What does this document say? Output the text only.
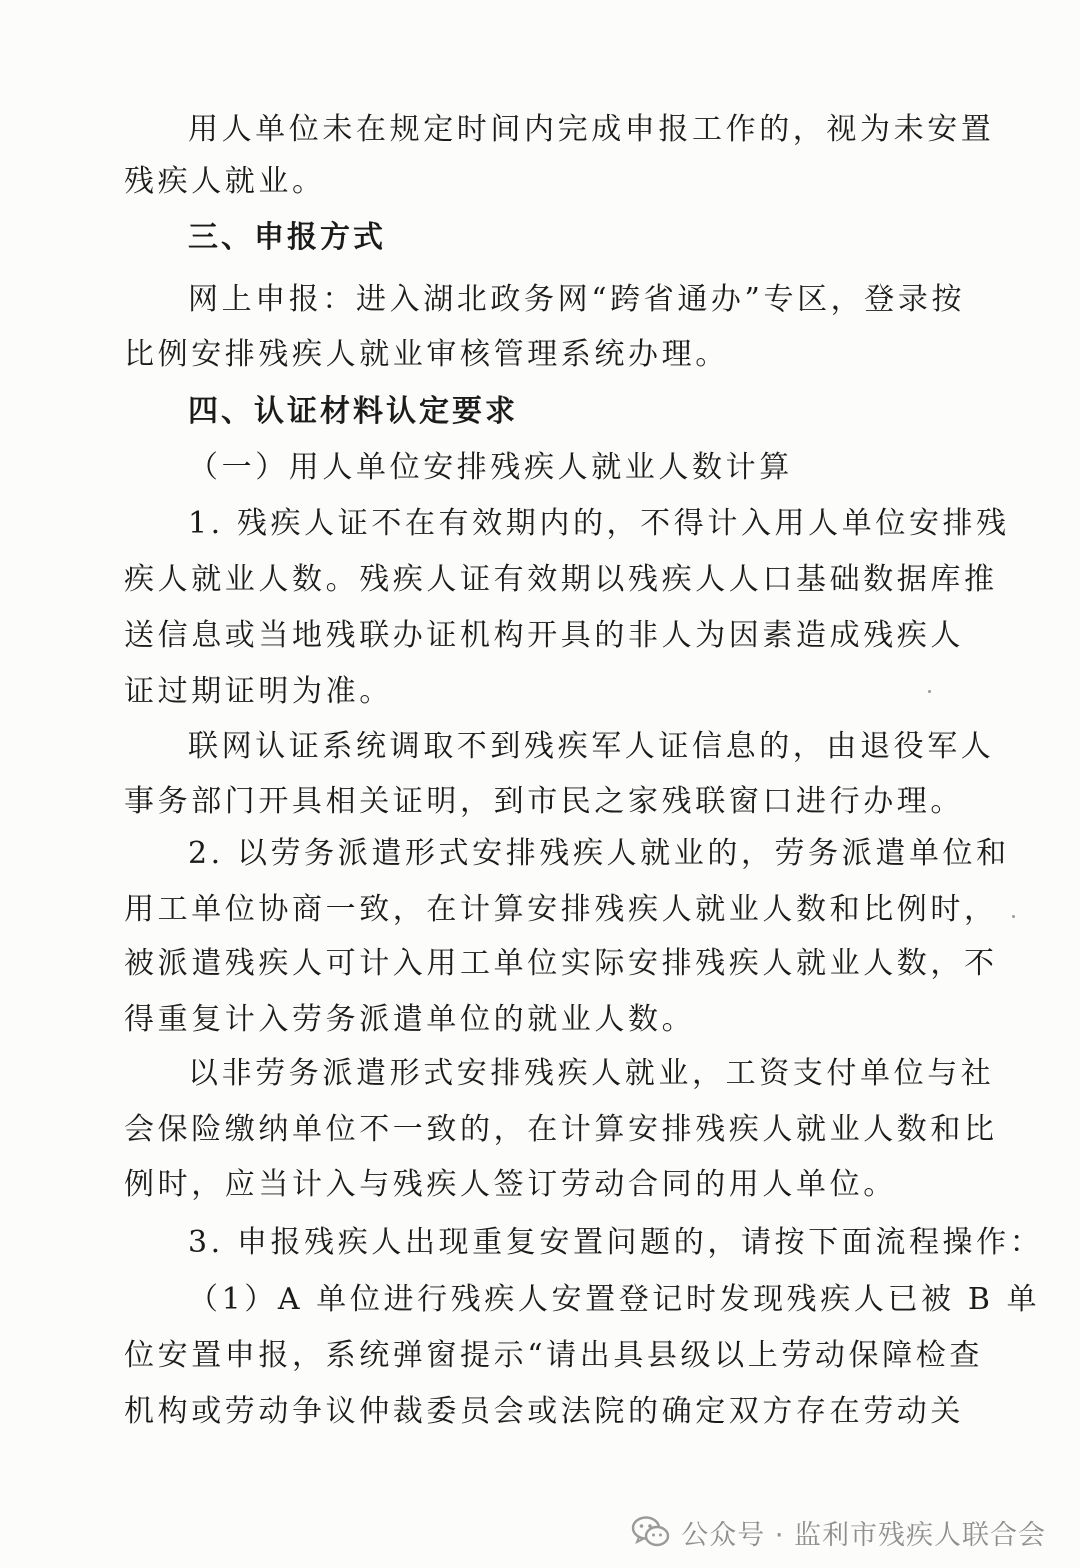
用人单位未在规定时间内完成申报工作的，视为未安置
残疾人就业。
三、申报方式
网上申报：进入湖北政务网“跨省通办”专区，登录按
比例安排残疾人就业审核管理系统办理。
四、认证材料认定要求
（一）用人单位安排残疾人就业人数计算
1. 残疾人证不在有效期内的，不得计入用人单位安排残
疾人就业人数。残疾人证有效期以残疾人人口基础数据库推
送信息或当地残联办证机构开具的非人为因素造成残疾人
证过期证明为准。
联网认证系统调取不到残疾军人证信息的，由退役军人
事务部门开具相关证明，到市民之家残联窗口进行办理。
2. 以劳务派遣形式安排残疾人就业的，劳务派遣单位和
用工单位协商一致，在计算安排残疾人就业人数和比例时，
被派遣残疾人可计入用工单位实际安排残疾人就业人数，不
得重复计入劳务派遣单位的就业人数。
以非劳务派遣形式安排残疾人就业，工资支付单位与社
会保险缴纳单位不一致的，在计算安排残疾人就业人数和比
例时，应当计入与残疾人签订劳动合同的用人单位。
3. 申报残疾人出现重复安置问题的，请按下面流程操作：
（1）A 单位进行残疾人安置登记时发现残疾人已被 B 单
位安置申报，系统弹窗提示“请出具县级以上劳动保障检查
机构或劳动争议仲裁委员会或法院的确定双方存在劳动关
公众号 · 监利市残疾人联合会
